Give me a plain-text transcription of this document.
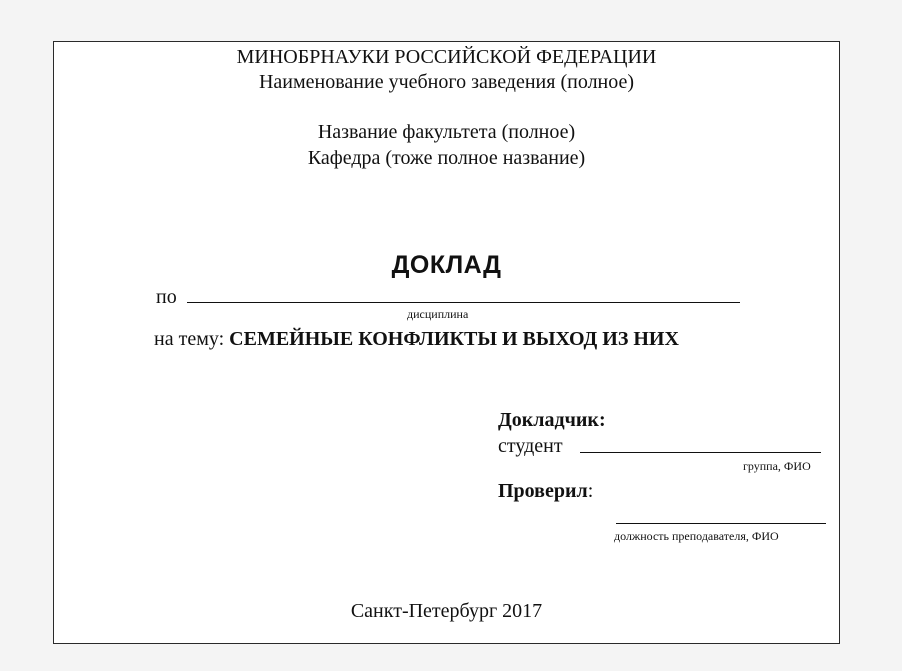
МИНОБРНАУКИ РОССИЙСКОЙ ФЕДЕРАЦИИ
Наименование учебного заведения (полное)
Название факультета (полное)
Кафедра (тоже полное название)
ДОКЛАД
по
дисциплина
на тему: СЕМЕЙНЫЕ КОНФЛИКТЫ И ВЫХОД ИЗ НИХ
Докладчик:
студент
группа, ФИО
Проверил:
должность преподавателя, ФИО
Санкт-Петербург 2017
